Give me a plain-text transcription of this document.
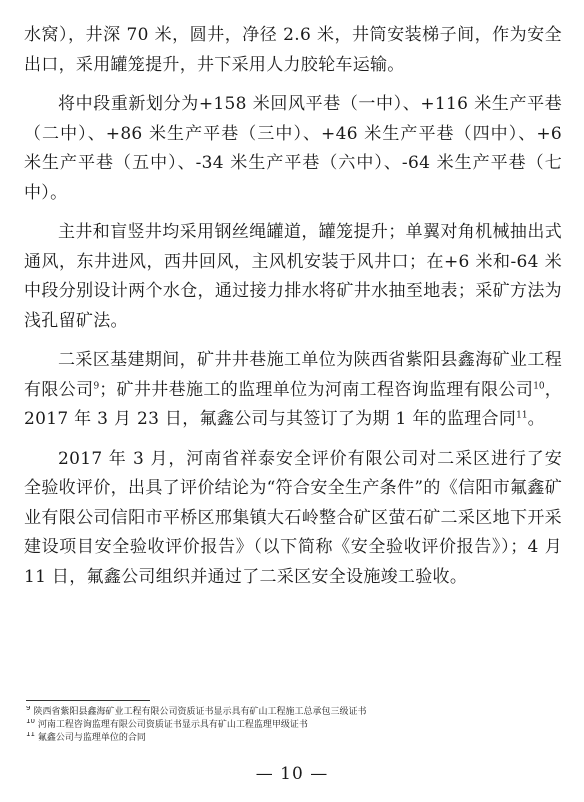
水窝），井深 70 米，圆井，净径 2.6 米，井筒安装梯子间，作为安全出口，采用罐笼提升，井下采用人力胶轮车运输。

将中段重新划分为+158 米回风平巷（一中）、+116 米生产平巷（二中）、+86 米生产平巷（三中）、+46 米生产平巷（四中）、+6 米生产平巷（五中）、-34 米生产平巷（六中）、-64 米生产平巷（七中）。

主井和盲竖井均采用钢丝绳罐道，罐笼提升；单翼对角机械抽出式通风，东井进风，西井回风，主风机安装于风井口；在+6 米和-64 米中段分别设计两个水仓，通过接力排水将矿井水抽至地表；采矿方法为浅孔留矿法。

二采区基建期间，矿井井巷施工单位为陕西省紫阳县鑫海矿业工程有限公司$^9$；矿井井巷施工的监理单位为河南工程咨询监理有限公司$^{10}$，2017 年 3 月 23 日，氟鑫公司与其签订了为期 1 年的监理合同$^{11}$。

2017 年 3 月，河南省祥泰安全评价有限公司对二采区进行了安全验收评价，出具了评价结论为“符合安全生产条件”的《信阳市氟鑫矿业有限公司信阳市平桥区邢集镇大石岭整合矿区萤石矿二采区地下开采建设项目安全验收评价报告》（以下简称《安全验收评价报告》）；4 月 11 日，氟鑫公司组织并通过了二采区安全设施竣工验收。

$^9$ 陕西省紫阳县鑫海矿业工程有限公司资质证书显示具有矿山工程施工总承包三级证书
$^{10}$ 河南工程咨询监理有限公司资质证书显示具有矿山工程监理甲级证书
$^{11}$ 氟鑫公司与监理单位的合同
— 10 —
